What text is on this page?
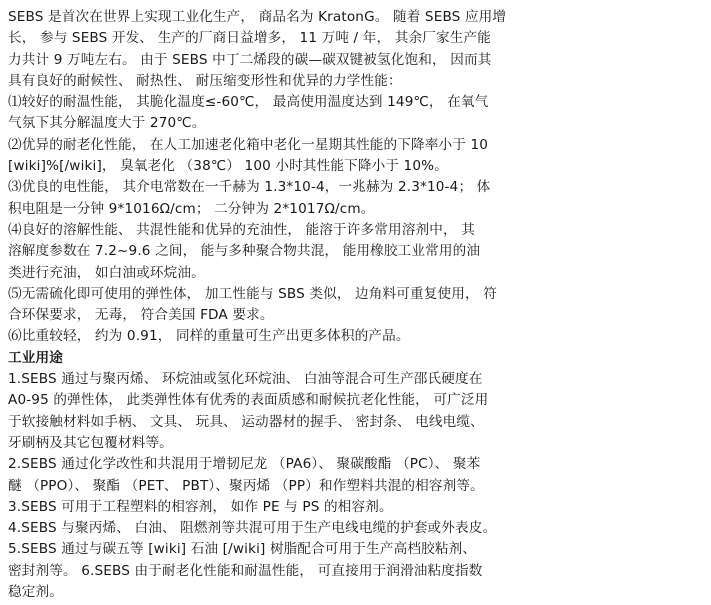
SEBS 是首次在世界上实现工业化生产， 商品名为 KratonG。 随着 SEBS 应用增
长， 参与 SEBS 开发、 生产的厂商日益增多， 11 万吨 / 年， 其余厂家生产能
力共计 9 万吨左右。 由于 SEBS 中丁二烯段的碳—碳双键被氢化饱和， 因而其
具有良好的耐候性、 耐热性、 耐压缩变形性和优异的力学性能：
⑴较好的耐温性能， 其脆化温度≤-60℃， 最高使用温度达到 149℃， 在氧气
气氛下其分解温度大于 270℃。
⑵优异的耐老化性能， 在人工加速老化箱中老化一星期其性能的下降率小于 10
[wiki]%[/wiki]， 臭氧老化 （38℃） 100 小时其性能下降小于 10%。
⑶优良的电性能， 其介电常数在一千赫为 1.3*10-4，一兆赫为 2.3*10-4； 体
积电阻是一分钟 9*1016Ω/cm； 二分钟为 2*1017Ω/cm。
⑷良好的溶解性能、 共混性能和优异的充油性， 能溶于许多常用溶剂中， 其
溶解度参数在 7.2~9.6 之间， 能与多种聚合物共混， 能用橡胶工业常用的油
类进行充油， 如白油或环烷油。
⑸无需硫化即可使用的弹性体， 加工性能与 SBS 类似， 边角料可重复使用， 符
合环保要求， 无毒， 符合美国 FDA 要求。
⑹比重较轻， 约为 0.91， 同样的重量可生产出更多体积的产品。
工业用途
1.SEBS 通过与聚丙烯、 环烷油或氢化环烷油、 白油等混合可生产邵氏硬度在
A0-95 的弹性体， 此类弹性体有优秀的表面质感和耐候抗老化性能， 可广泛用
于软接触材料如手柄、 文具、 玩具、 运动器材的握手、 密封条、 电线电缆、
牙刷柄及其它包覆材料等。
2.SEBS 通过化学改性和共混用于增韧尼龙 （PA6）、 聚碳酸酯 （PC）、 聚苯
醚 （PPO）、 聚酯 （PET、 PBT）、聚丙烯 （PP）和作塑料共混的相容剂等。
3.SEBS 可用于工程塑料的相容剂， 如作 PE 与 PS 的相容剂。
4.SEBS 与聚丙烯、 白油、 阻燃剂等共混可用于生产电线电缆的护套或外表皮。
5.SEBS 通过与碳五等 [wiki] 石油 [/wiki] 树脂配合可用于生产高档胶粘剂、
密封剂等。 6.SEBS 由于耐老化性能和耐温性能， 可直接用于润滑油粘度指数
稳定剂。
